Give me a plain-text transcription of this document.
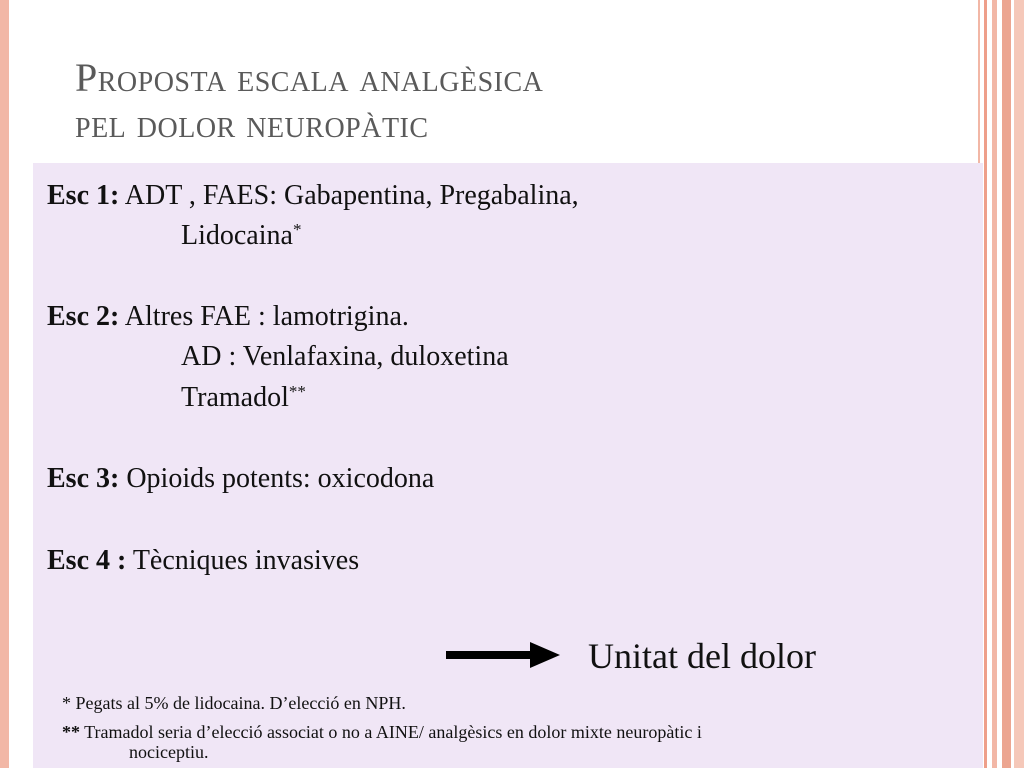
Proposta escala analgèsica
pel dolor neuropàtic
Esc 1: ADT , FAES: Gabapentina, Pregabalina,
Lidocaina*
Esc 2: Altres FAE : lamotrigina.
AD : Venlafaxina, duloxetina
Tramadol**
Esc 3: Opioids potents: oxicodona
Esc 4 : Tècniques invasives
Unitat del dolor
* Pegats al 5% de lidocaina. D’elecció en NPH.
** Tramadol seria d’elecció associat o no a AINE/ analgèsics en dolor mixte neuropàtic i
nociceptiu.
